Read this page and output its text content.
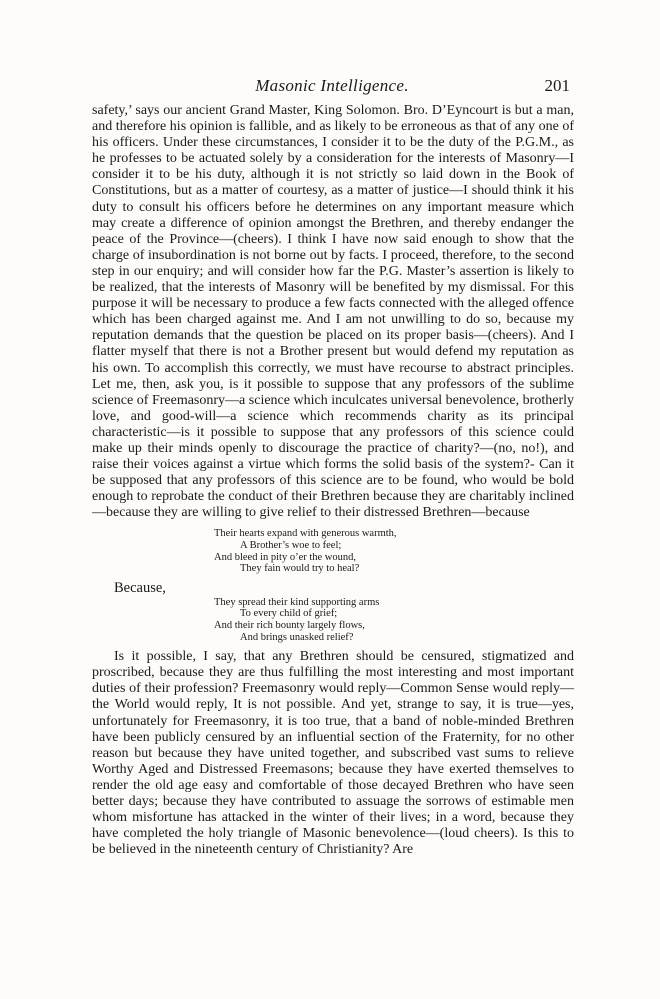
Masonic Intelligence.	201

safety,’ says our ancient Grand Master, King Solomon. Bro. D’Eyncourt is but a man, and therefore his opinion is fallible, and as likely to be erroneous as that of any one of his officers. Under these circumstances, I consider it to be the duty of the P.G.M., as he professes to be actuated solely by a consideration for the interests of Masonry—I consider it to be his duty, although it is not strictly so laid down in the Book of Constitutions, but as a matter of courtesy, as a matter of justice—I should think it his duty to consult his officers before he determines on any important measure which may create a difference of opinion amongst the Brethren, and thereby endanger the peace of the Province—(cheers). I think I have now said enough to show that the charge of insubordination is not borne out by facts. I proceed, therefore, to the second step in our enquiry; and will consider how far the P.G. Master’s assertion is likely to be realized, that the interests of Masonry will be benefited by my dismissal. For this purpose it will be necessary to produce a few facts connected with the alleged offence which has been charged against me. And I am not unwilling to do so, because my reputation demands that the question be placed on its proper basis—(cheers). And I flatter myself that there is not a Brother present but would defend my reputation as his own. To accomplish this correctly, we must have recourse to abstract principles. Let me, then, ask you, is it possible to suppose that any professors of the sublime science of Freemasonry—a science which inculcates universal benevolence, brotherly love, and good-will—a science which recommends charity as its principal characteristic—is it possible to suppose that any professors of this science could make up their minds openly to discourage the practice of charity?—(no, no!), and raise their voices against a virtue which forms the solid basis of the system?- Can it be supposed that any professors of this science are to be found, who would be bold enough to reprobate the conduct of their Brethren because they are charitably inclined—because they are willing to give relief to their distressed Brethren—because

Their hearts expand with generous warmth,
A Brother’s woe to feel;
And bleed in pity o’er the wound,
They fain would try to heal?
Because,
They spread their kind supporting arms
To every child of grief;
And their rich bounty largely flows,
And brings unasked relief?

Is it possible, I say, that any Brethren should be censured, stigmatized and proscribed, because they are thus fulfilling the most interesting and most important duties of their profession? Freemasonry would reply—Common Sense would reply—the World would reply, It is not possible. And yet, strange to say, it is true—yes, unfortunately for Freemasonry, it is too true, that a band of noble-minded Brethren have been publicly censured by an influential section of the Fraternity, for no other reason but because they have united together, and subscribed vast sums to relieve Worthy Aged and Distressed Freemasons; because they have exerted themselves to render the old age easy and comfortable of those decayed Brethren who have seen better days; because they have contributed to assuage the sorrows of estimable men whom misfortune has attacked in the winter of their lives; in a word, because they have completed the holy triangle of Masonic benevolence—(loud cheers). Is this to be believed in the nineteenth century of Christianity? Are
